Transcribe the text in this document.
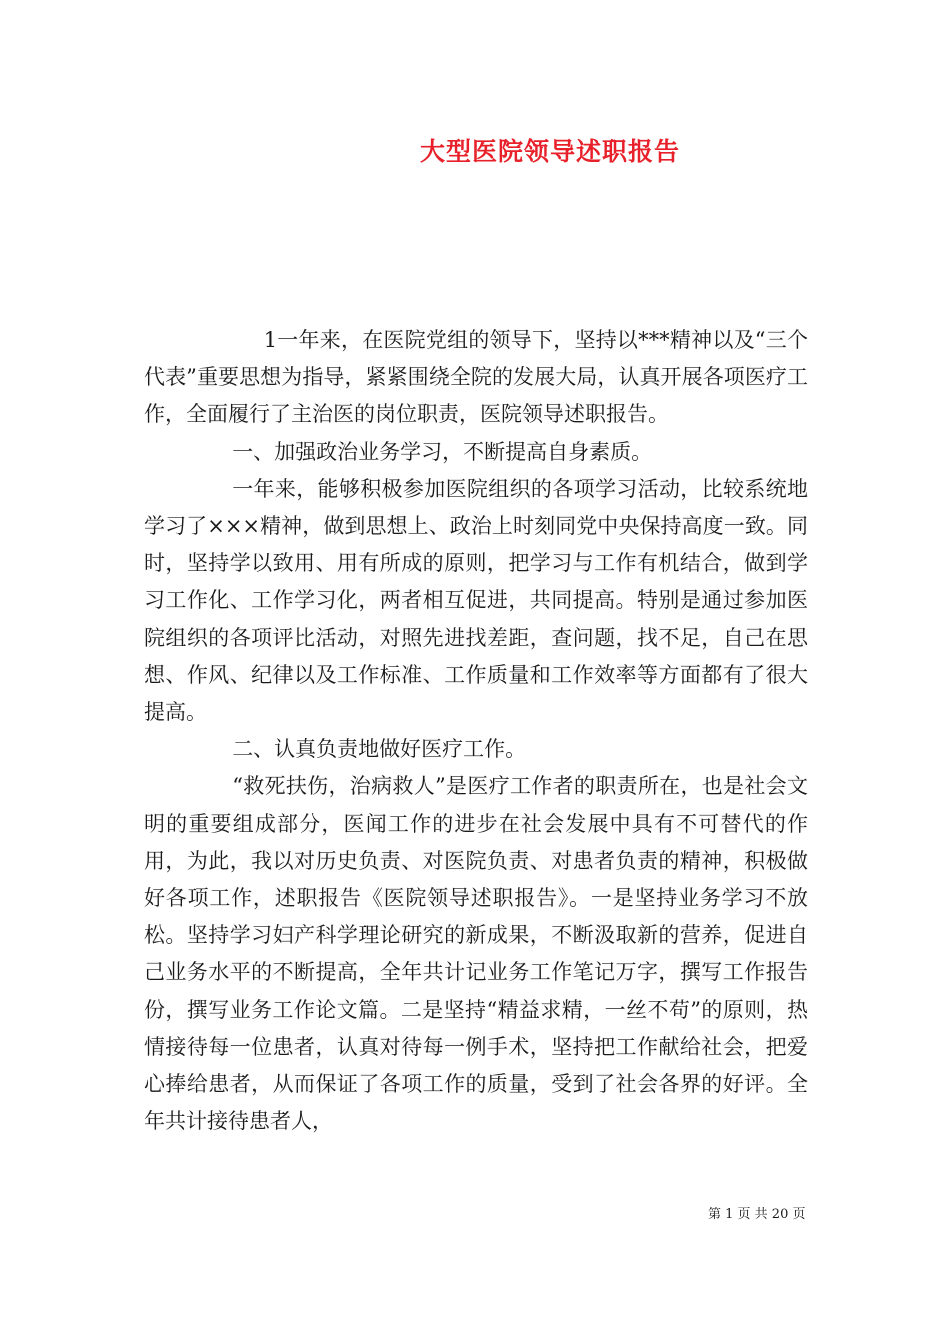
大型医院领导述职报告

1一年来，在医院党组的领导下，坚持以***精神以及“三个代表”重要思想为指导，紧紧围绕全院的发展大局，认真开展各项医疗工作，全面履行了主治医的岗位职责，医院领导述职报告。

一、加强政治业务学习，不断提高自身素质。

一年来，能够积极参加医院组织的各项学习活动，比较系统地学习了×××精神，做到思想上、政治上时刻同党中央保持高度一致。同时，坚持学以致用、用有所成的原则，把学习与工作有机结合，做到学习工作化、工作学习化，两者相互促进，共同提高。特别是通过参加医院组织的各项评比活动，对照先进找差距，查问题，找不足，自己在思想、作风、纪律以及工作标准、工作质量和工作效率等方面都有了很大提高。

二、认真负责地做好医疗工作。

“救死扶伤，治病救人”是医疗工作者的职责所在，也是社会文明的重要组成部分，医闻工作的进步在社会发展中具有不可替代的作用，为此，我以对历史负责、对医院负责、对患者负责的精神，积极做好各项工作，述职报告《医院领导述职报告》。一是坚持业务学习不放松。坚持学习妇产科学理论研究的新成果，不断汲取新的营养，促进自己业务水平的不断提高，全年共计记业务工作笔记万字，撰写工作报告份，撰写业务工作论文篇。二是坚持“精益求精，一丝不苟”的原则，热情接待每一位患者，认真对待每一例手术，坚持把工作献给社会，把爱心捧给患者，从而保证了各项工作的质量，受到了社会各界的好评。全年共计接待患者人，

第 1 页 共 20 页
